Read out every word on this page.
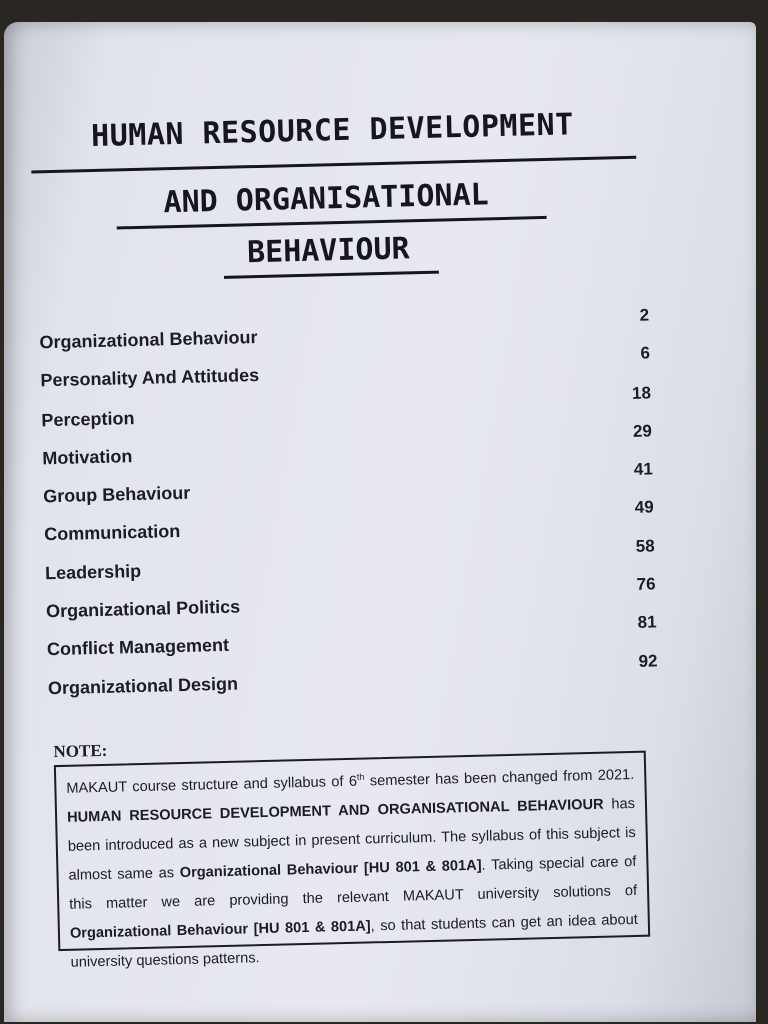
HUMAN RESOURCE DEVELOPMENT
AND ORGANISATIONAL
BEHAVIOUR
Organizational Behaviour
2
Personality And Attitudes
6
Perception
18
Motivation
29
Group Behaviour
41
Communication
49
Leadership
58
Organizational Politics
76
Conflict Management
81
Organizational Design
92
NOTE:
MAKAUT course structure and syllabus of 6th semester has been changed from 2021. HUMAN RESOURCE DEVELOPMENT AND ORGANISATIONAL BEHAVIOUR has been introduced as a new subject in present curriculum. The syllabus of this subject is almost same as Organizational Behaviour [HU 801 & 801A]. Taking special care of this matter we are providing the relevant MAKAUT university solutions of Organizational Behaviour [HU 801 & 801A], so that students can get an idea about university questions patterns.
